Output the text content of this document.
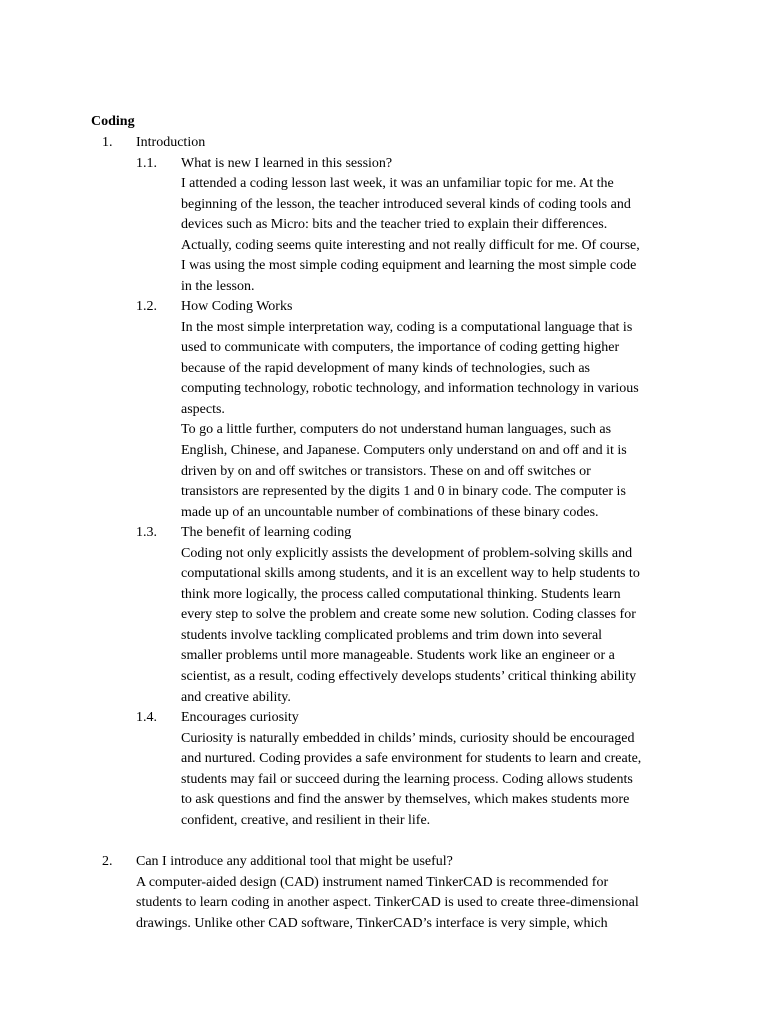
Coding
1. Introduction
1.1. What is new I learned in this session?
I attended a coding lesson last week, it was an unfamiliar topic for me. At the
beginning of the lesson, the teacher introduced several kinds of coding tools and
devices such as Micro: bits and the teacher tried to explain their differences.
Actually, coding seems quite interesting and not really difficult for me. Of course,
I was using the most simple coding equipment and learning the most simple code
in the lesson.
1.2. How Coding Works
In the most simple interpretation way, coding is a computational language that is
used to communicate with computers, the importance of coding getting higher
because of the rapid development of many kinds of technologies, such as
computing technology, robotic technology, and information technology in various
aspects.
To go a little further, computers do not understand human languages, such as
English, Chinese, and Japanese. Computers only understand on and off and it is
driven by on and off switches or transistors. These on and off switches or
transistors are represented by the digits 1 and 0 in binary code. The computer is
made up of an uncountable number of combinations of these binary codes.
1.3. The benefit of learning coding
Coding not only explicitly assists the development of problem-solving skills and
computational skills among students, and it is an excellent way to help students to
think more logically, the process called computational thinking. Students learn
every step to solve the problem and create some new solution. Coding classes for
students involve tackling complicated problems and trim down into several
smaller problems until more manageable. Students work like an engineer or a
scientist, as a result, coding effectively develops students’ critical thinking ability
and creative ability.
1.4. Encourages curiosity
Curiosity is naturally embedded in childs’ minds, curiosity should be encouraged
and nurtured. Coding provides a safe environment for students to learn and create,
students may fail or succeed during the learning process. Coding allows students
to ask questions and find the answer by themselves, which makes students more
confident, creative, and resilient in their life.
2. Can I introduce any additional tool that might be useful?
A computer-aided design (CAD) instrument named TinkerCAD is recommended for
students to learn coding in another aspect. TinkerCAD is used to create three-dimensional
drawings. Unlike other CAD software, TinkerCAD’s interface is very simple, which
